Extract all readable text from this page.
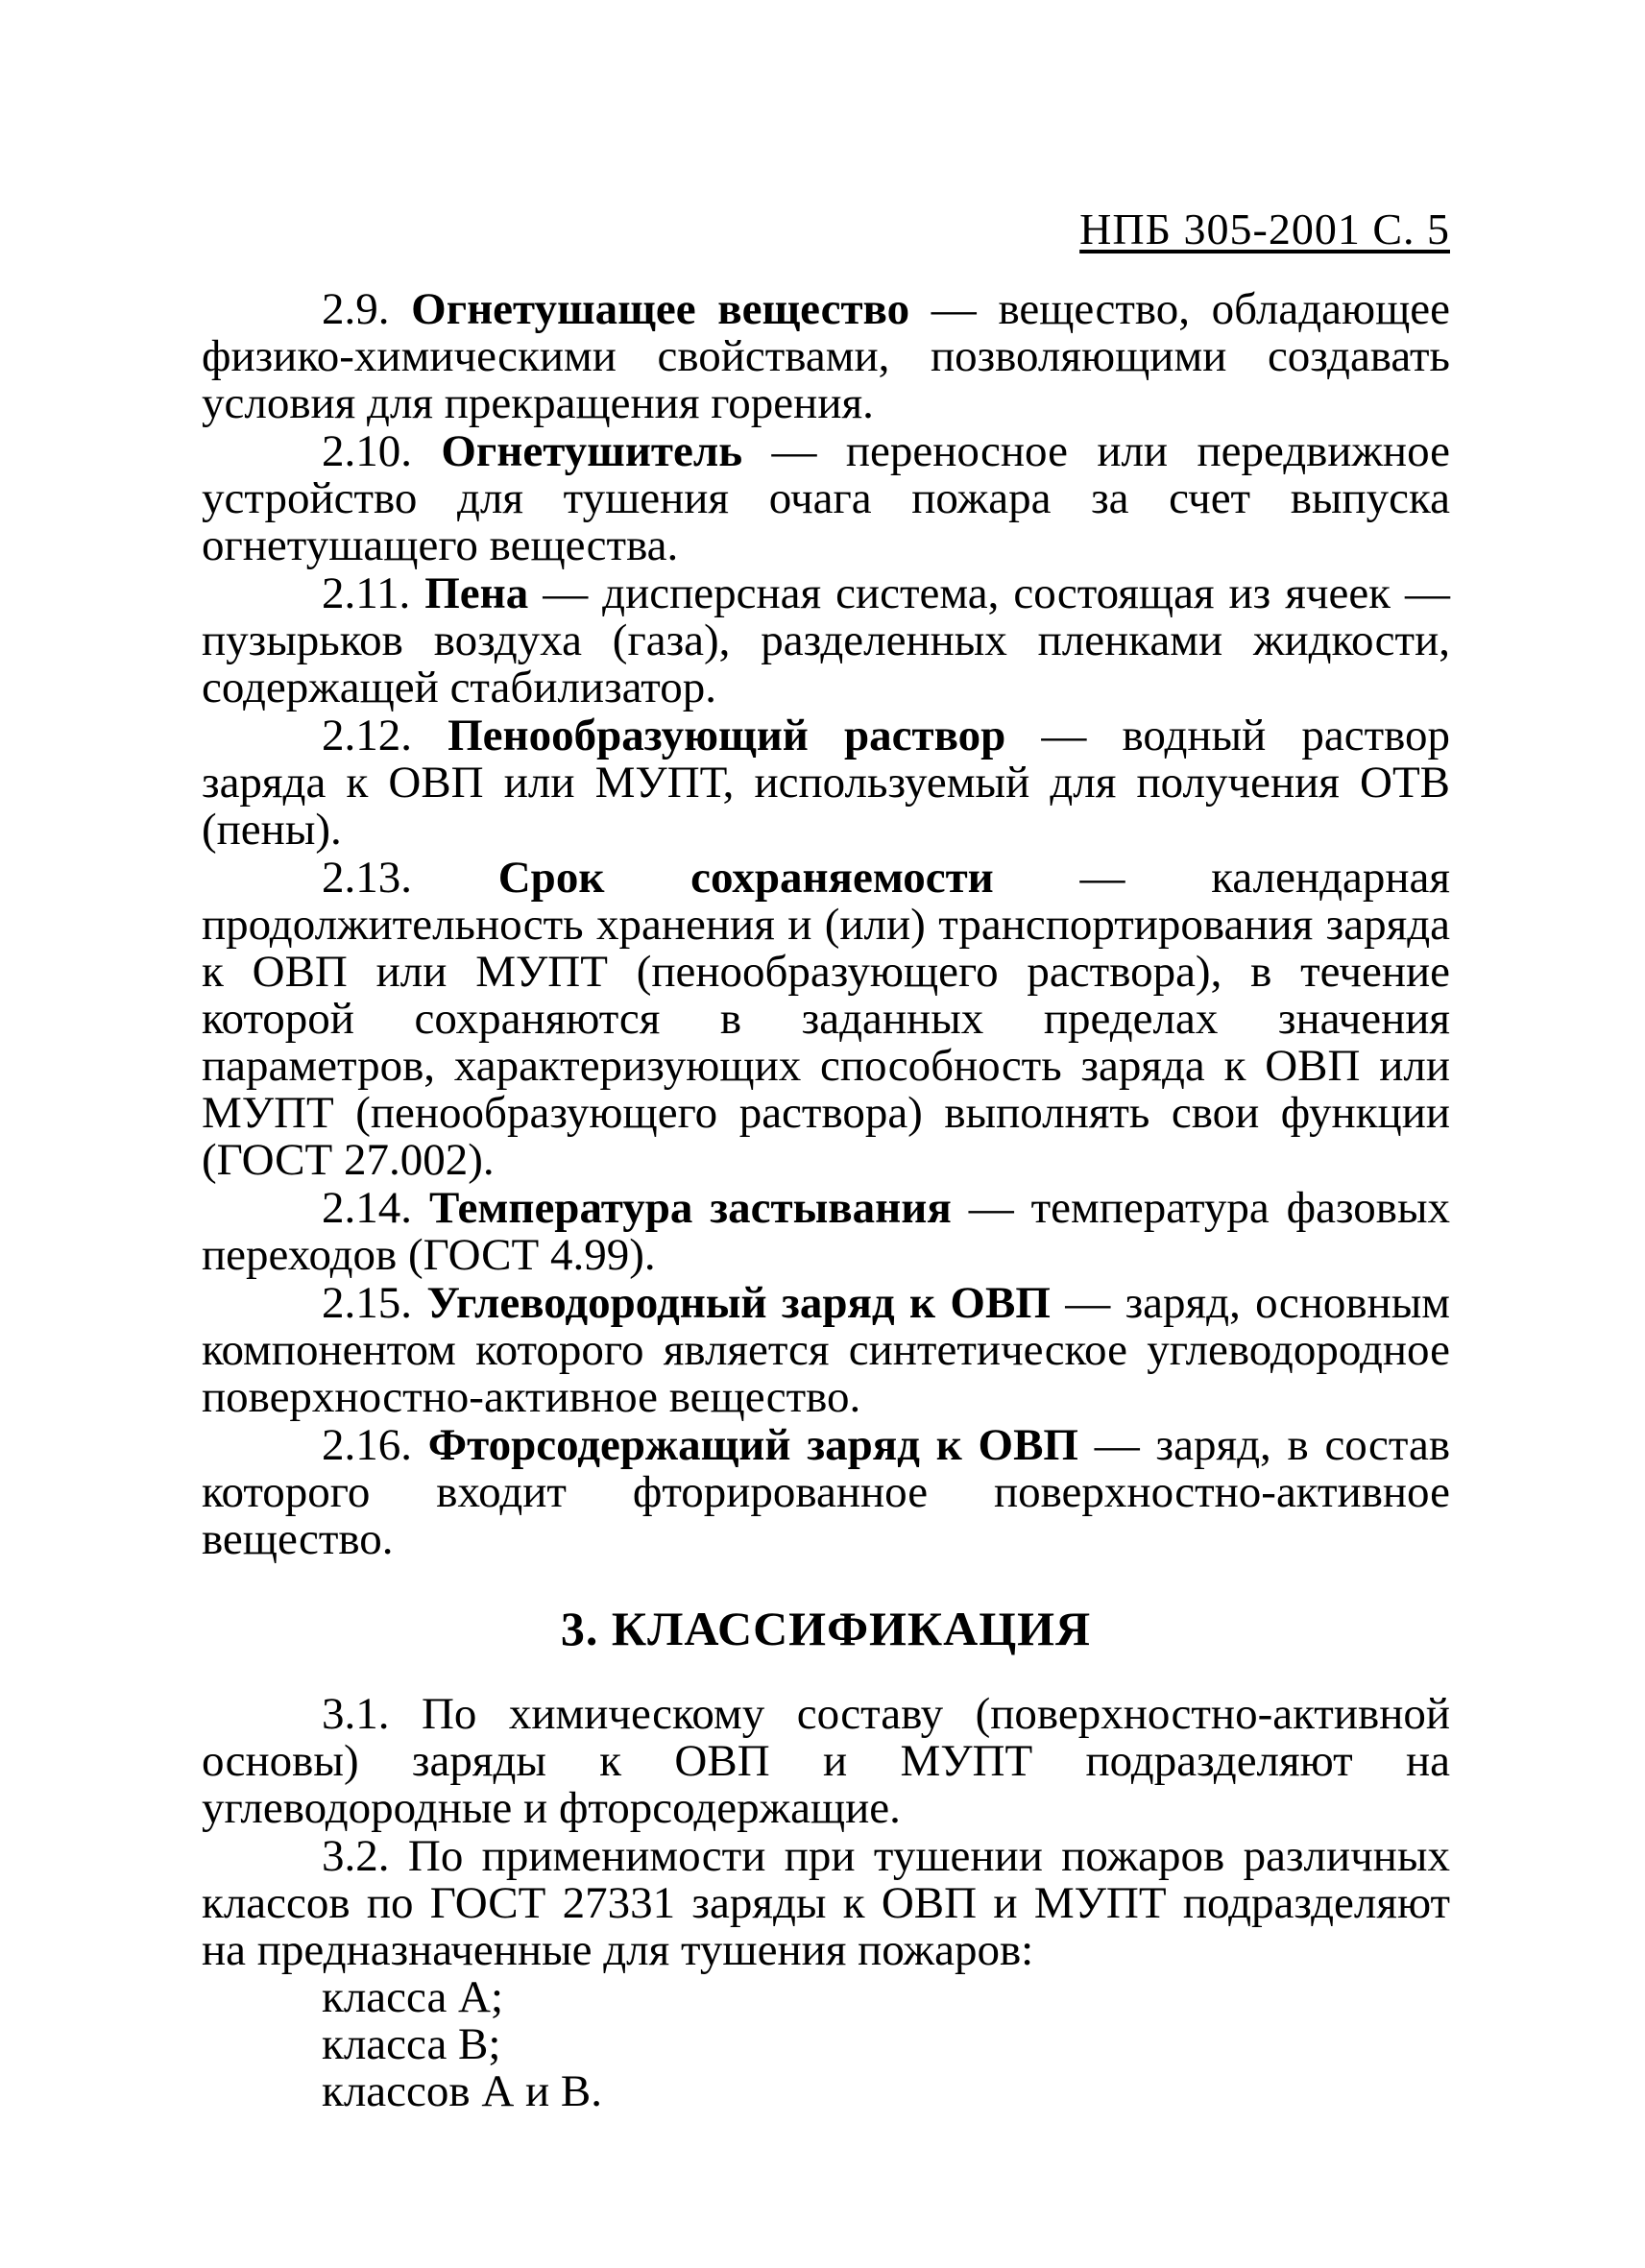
НПБ 305-2001 С. 5

2.9. Огнетушащее вещество — вещество, обладающее физико-химическими свойствами, позволяющими создавать условия для прекращения горения.

2.10. Огнетушитель — переносное или передвижное устройство для тушения очага пожара за счет выпуска огнетушащего вещества.

2.11. Пена — дисперсная система, состоящая из ячеек — пузырьков воздуха (газа), разделенных пленками жидкости, содержащей стабилизатор.

2.12. Пенообразующий раствор — водный раствор заряда к ОВП или МУПТ, используемый для получения ОТВ (пены).

2.13. Срок сохраняемости — календарная продолжительность хранения и (или) транспортирования заряда к ОВП или МУПТ (пенообразующего раствора), в течение которой сохраняются в заданных пределах значения параметров, характеризующих способность заряда к ОВП или МУПТ (пенообразующего раствора) выполнять свои функции (ГОСТ 27.002).

2.14. Температура застывания — температура фазовых переходов (ГОСТ 4.99).

2.15. Углеводородный заряд к ОВП — заряд, основным компонентом которого является синтетическое углеводородное поверхностно-активное вещество.

2.16. Фторсодержащий заряд к ОВП — заряд, в состав которого входит фторированное поверхностно-активное вещество.

3. КЛАССИФИКАЦИЯ

3.1. По химическому составу (поверхностно-активной основы) заряды к ОВП и МУПТ подразделяют на углеводородные и фторсодержащие.

3.2. По применимости при тушении пожаров различных классов по ГОСТ 27331 заряды к ОВП и МУПТ подразделяют на предназначенные для тушения пожаров:

класса А;

класса В;

классов А и В.
